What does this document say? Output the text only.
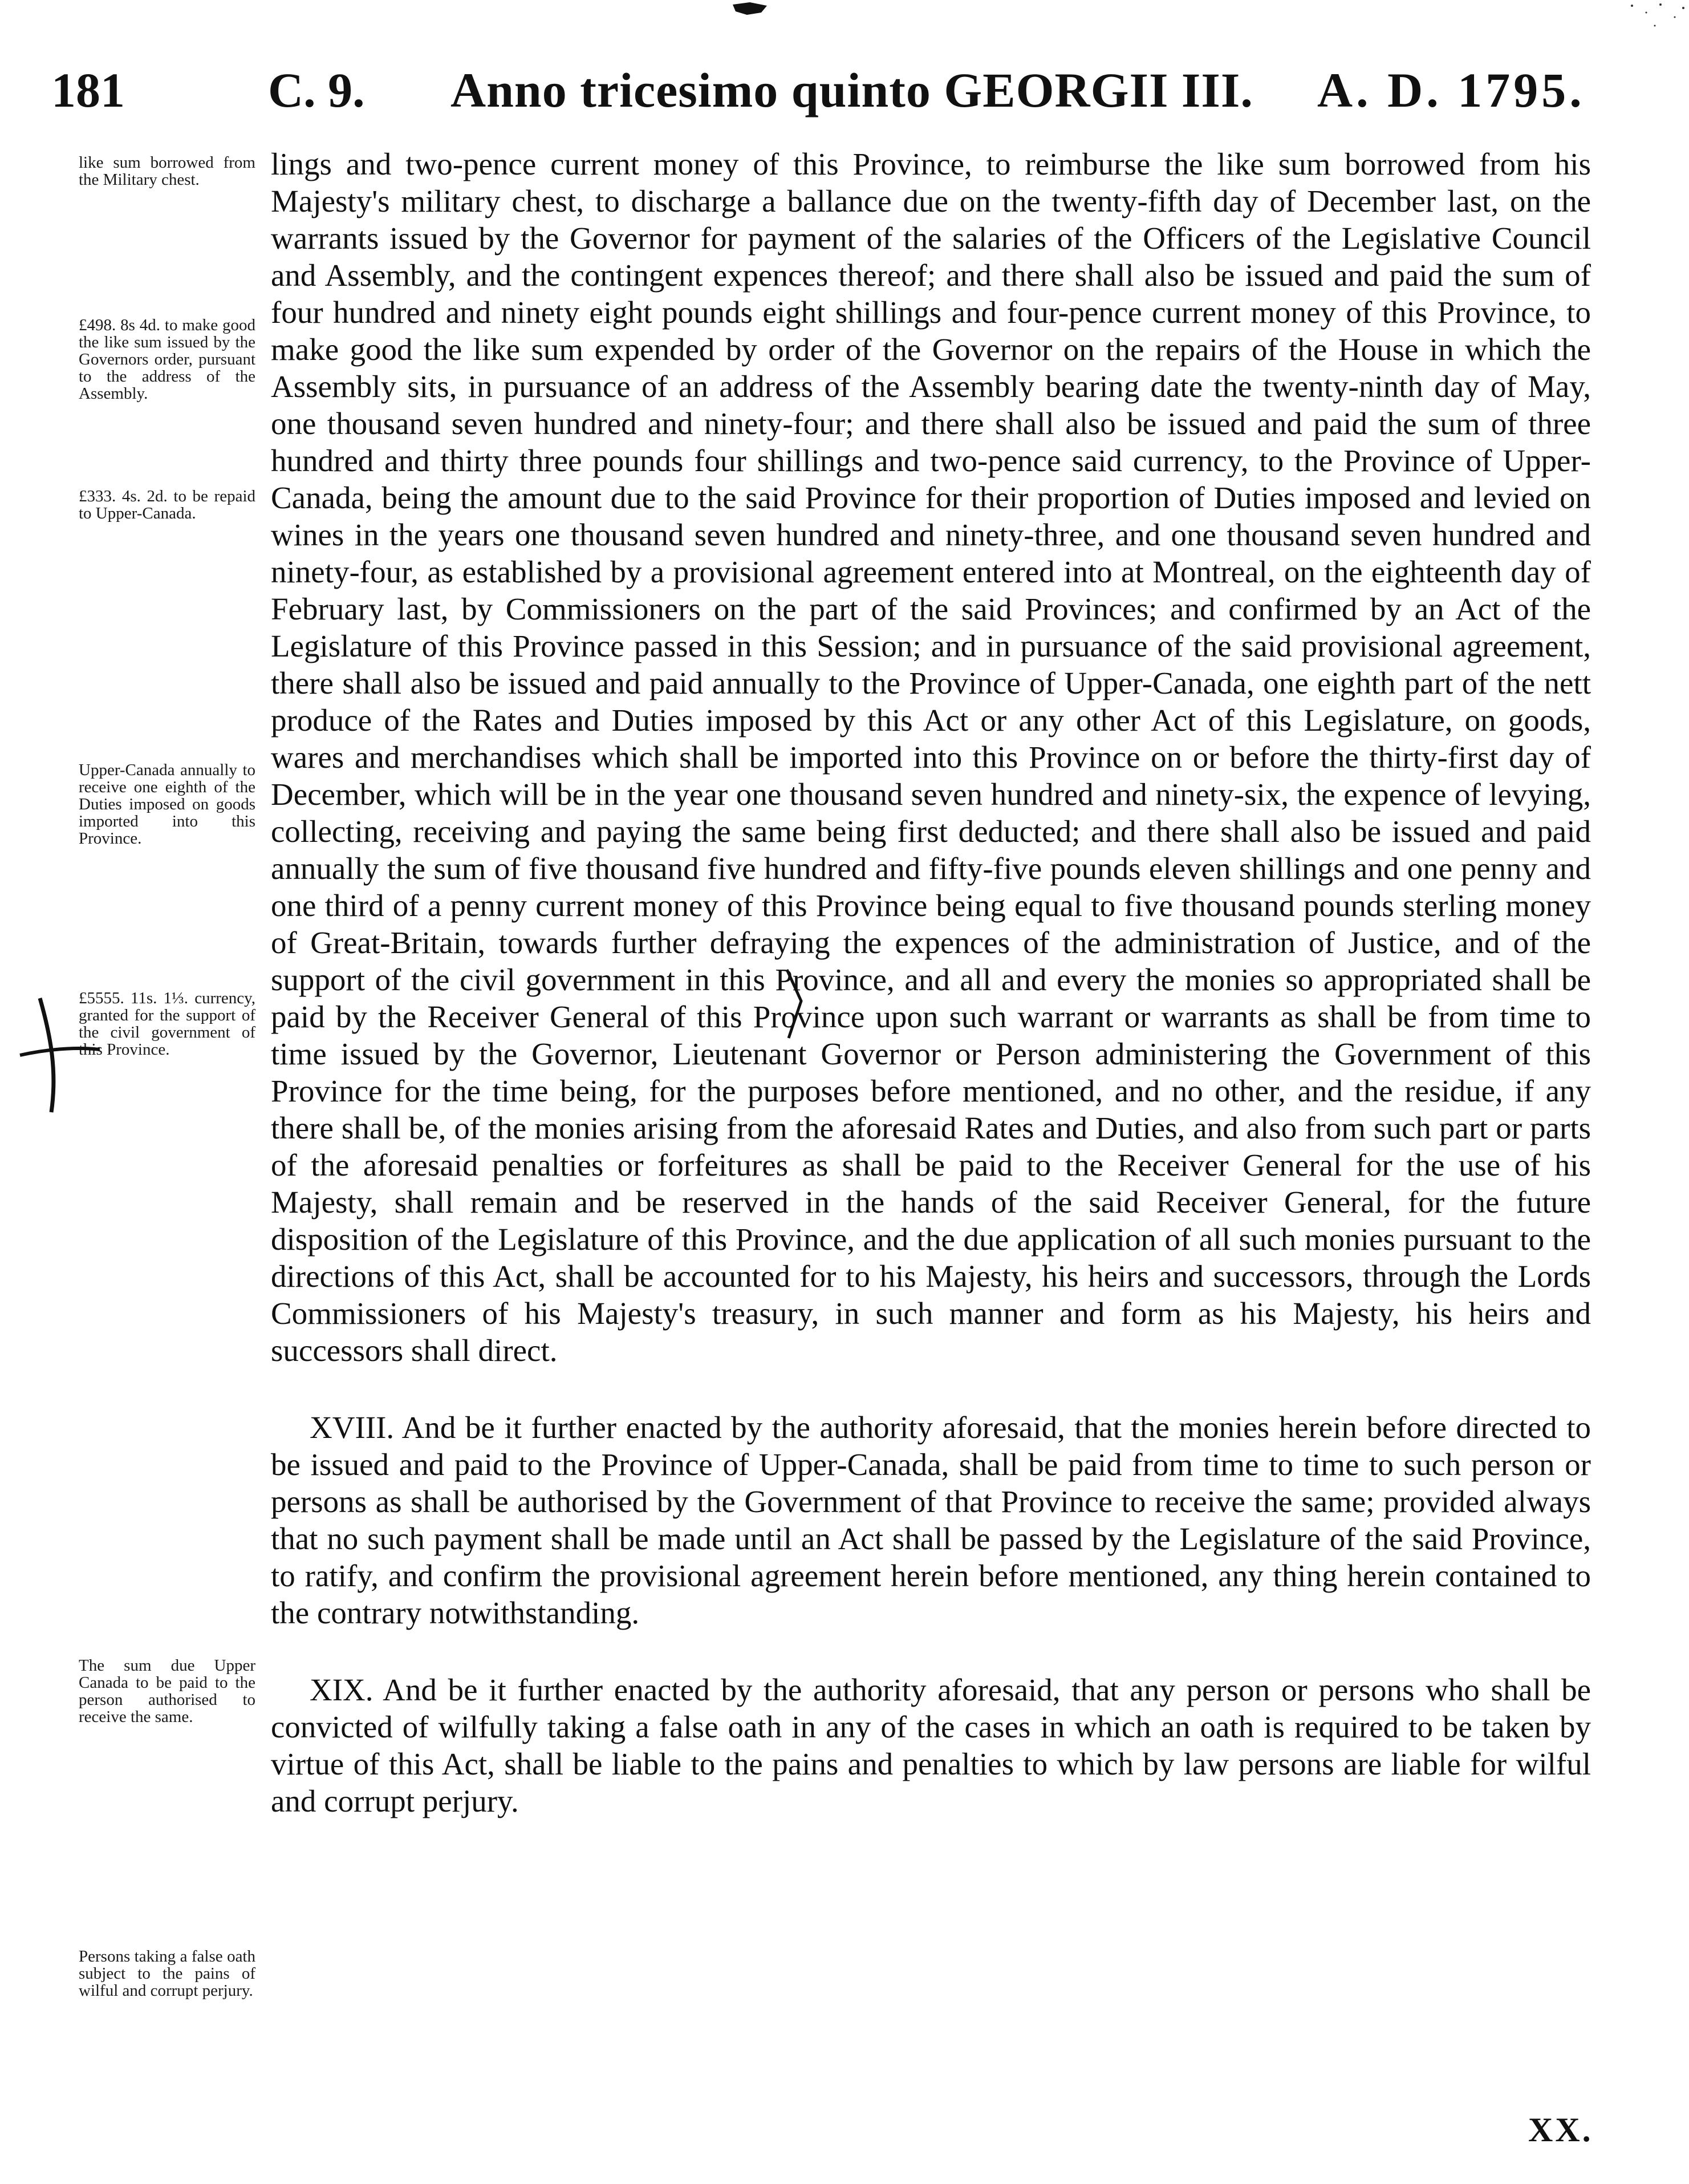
181	C. 9. Anno tricesimo quinto GEORGII III. A. D. 1795.
like sum borrowed from the Military chest.
£498. 8s 4d. to make good the like sum issued by the Governors order, pursuant to the address of the Assembly.
£333. 4s. 2d. to be repaid to Upper-Canada.
Upper-Canada annually to receive one eighth of the Duties imposed on goods imported into this Province.
£5555. 11s. 1⅓. currency, granted for the support of the civil government of this Province.
The sum due Upper Canada to be paid to the person authorised to receive the same.
Persons taking a false oath subject to the pains of wilful and corrupt perjury.

lings and two-pence current money of this Province, to reimburse the like sum borrowed from his Majesty's military chest, to discharge a ballance due on the twenty-fifth day of December last, on the warrants issued by the Governor for payment of the salaries of the Officers of the Legislative Council and Assembly, and the contingent expences thereof; and there shall also be issued and paid the sum of four hundred and ninety eight pounds eight shillings and four-pence current money of this Province, to make good the like sum expended by order of the Governor on the repairs of the House in which the Assembly sits, in pursuance of an address of the Assembly bearing date the twenty-ninth day of May, one thousand seven hundred and ninety-four; and there shall also be issued and paid the sum of three hundred and thirty three pounds four shillings and two-pence said currency, to the Province of Upper-Canada, being the amount due to the said Province for their proportion of Duties imposed and levied on wines in the years one thousand seven hundred and ninety-three, and one thousand seven hundred and ninety-four, as established by a provisional agreement entered into at Montreal, on the eighteenth day of February last, by Commissioners on the part of the said Provinces; and confirmed by an Act of the Legislature of this Province passed in this Session; and in pursuance of the said provisional agreement, there shall also be issued and paid annually to the Province of Upper-Canada, one eighth part of the nett produce of the Rates and Duties imposed by this Act or any other Act of this Legislature, on goods, wares and merchandises which shall be imported into this Province on or before the thirty-first day of December, which will be in the year one thousand seven hundred and ninety-six, the expence of levying, collecting, receiving and paying the same being first deducted; and there shall also be issued and paid annually the sum of five thousand five hundred and fifty-five pounds eleven shillings and one penny and one third of a penny current money of this Province being equal to five thousand pounds sterling money of Great-Britain, towards further defraying the expences of the administration of Justice, and of the support of the civil government in this Province, and all and every the monies so appropriated shall be paid by the Receiver General of this Province upon such warrant or warrants as shall be from time to time issued by the Governor, Lieutenant Governor or Person administering the Government of this Province for the time being, for the purposes before mentioned, and no other, and the residue, if any there shall be, of the monies arising from the aforesaid Rates and Duties, and also from such part or parts of the aforesaid penalties or forfeitures as shall be paid to the Receiver General for the use of his Majesty, shall remain and be reserved in the hands of the said Receiver General, for the future disposition of the Legislature of this Province, and the due application of all such monies pursuant to the directions of this Act, shall be accounted for to his Majesty, his heirs and successors, through the Lords Commissioners of his Majesty's treasury, in such manner and form as his Majesty, his heirs and successors shall direct.

XVIII. And be it further enacted by the authority aforesaid, that the monies herein before directed to be issued and paid to the Province of Upper-Canada, shall be paid from time to time to such person or persons as shall be authorised by the Government of that Province to receive the same; provided always that no such payment shall be made until an Act shall be passed by the Legislature of the said Province, to ratify, and confirm the provisional agreement herein before mentioned, any thing herein contained to the contrary notwithstanding.

XIX. And be it further enacted by the authority aforesaid, that any person or persons who shall be convicted of wilfully taking a false oath in any of the cases in which an oath is required to be taken by virtue of this Act, shall be liable to the pains and penalties to which by law persons are liable for wilful and corrupt perjury.

XX.
